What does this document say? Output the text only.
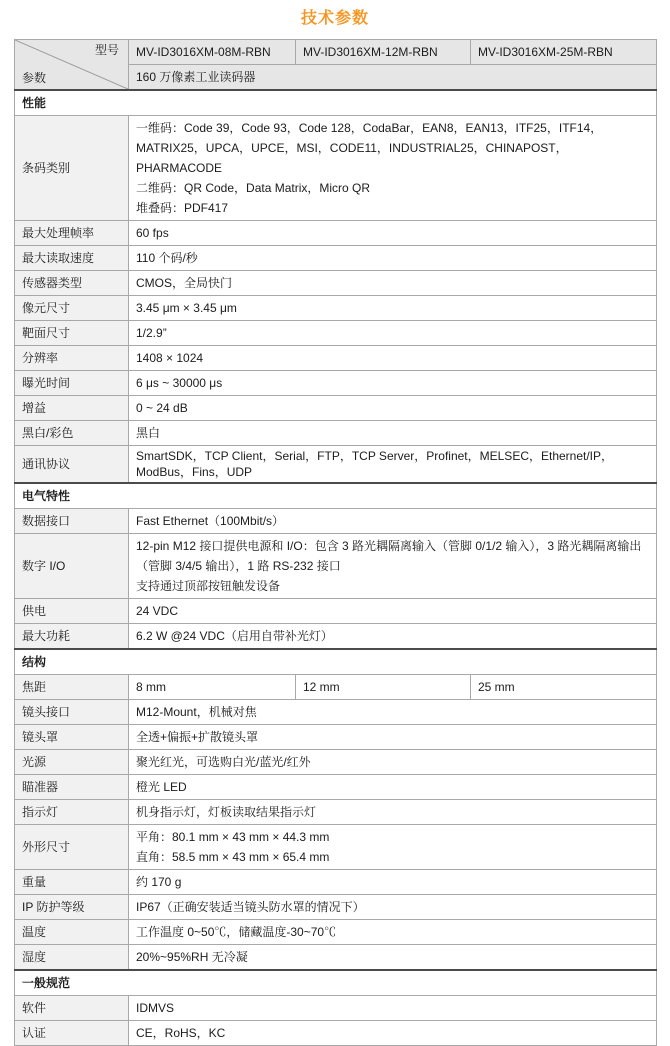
技术参数
型号
参数	MV-ID3016XM-08M-RBN	MV-ID3016XM-12M-RBN	MV-ID3016XM-25M-RBN
	160 万像素工业读码器		
性能			
条码类别	一维码：Code 39，Code 93，Code 128，CodaBar，EAN8，EAN13，ITF25，ITF14，MATRIX25，UPCA，UPCE，MSI，CODE11，INDUSTRIAL25，CHINAPOST，PHARMACODE
二维码：QR Code，Data Matrix，Micro QR
堆叠码：PDF417		

最大处理帧率	60 fps		
最大读取速度	110 个码/秒		
传感器类型	CMOS，全局快门		
像元尺寸	3.45 μm × 3.45 μm		
靶面尺寸	1/2.9”		
分辨率	1408 × 1024		
曝光时间	6 μs ~ 30000 μs		
增益	0 ~ 24 dB		
黑白/彩色	黑白		
通讯协议	SmartSDK，TCP Client，Serial，FTP，TCP Server，Profinet，MELSEC，Ethernet/IP，ModBus，Fins，UDP		
电气特性			
数据接口	Fast Ethernet（100Mbit/s）		
数字 I/O	12-pin M12 接口提供电源和 I/O：包含 3 路光耦隔离输入（管脚 0/1/2 输入），3 路光耦隔离输出（管脚 3/4/5 输出），1 路 RS-232 接口
支持通过顶部按钮触发设备		

供电	24 VDC		
最大功耗	6.2 W @24 VDC（启用自带补光灯）		
结构			
焦距	8 mm	12 mm	25 mm
镜头接口	M12-Mount，机械对焦		
镜头罩	全透+偏振+扩散镜头罩		
光源	聚光红光，可选购白光/蓝光/红外		
瞄准器	橙光 LED		
指示灯	机身指示灯，灯板读取结果指示灯		
外形尺寸	平角：80.1 mm × 43 mm × 44.3 mm
直角：58.5 mm × 43 mm × 65.4 mm		

重量	约 170 g		
IP 防护等级	IP67（正确安装适当镜头防水罩的情况下）		
温度	工作温度 0~50℃，储藏温度-30~70℃		
湿度	20%~95%RH 无冷凝		
一般规范			
软件	IDMVS		
认证	CE，RoHS，KC		
